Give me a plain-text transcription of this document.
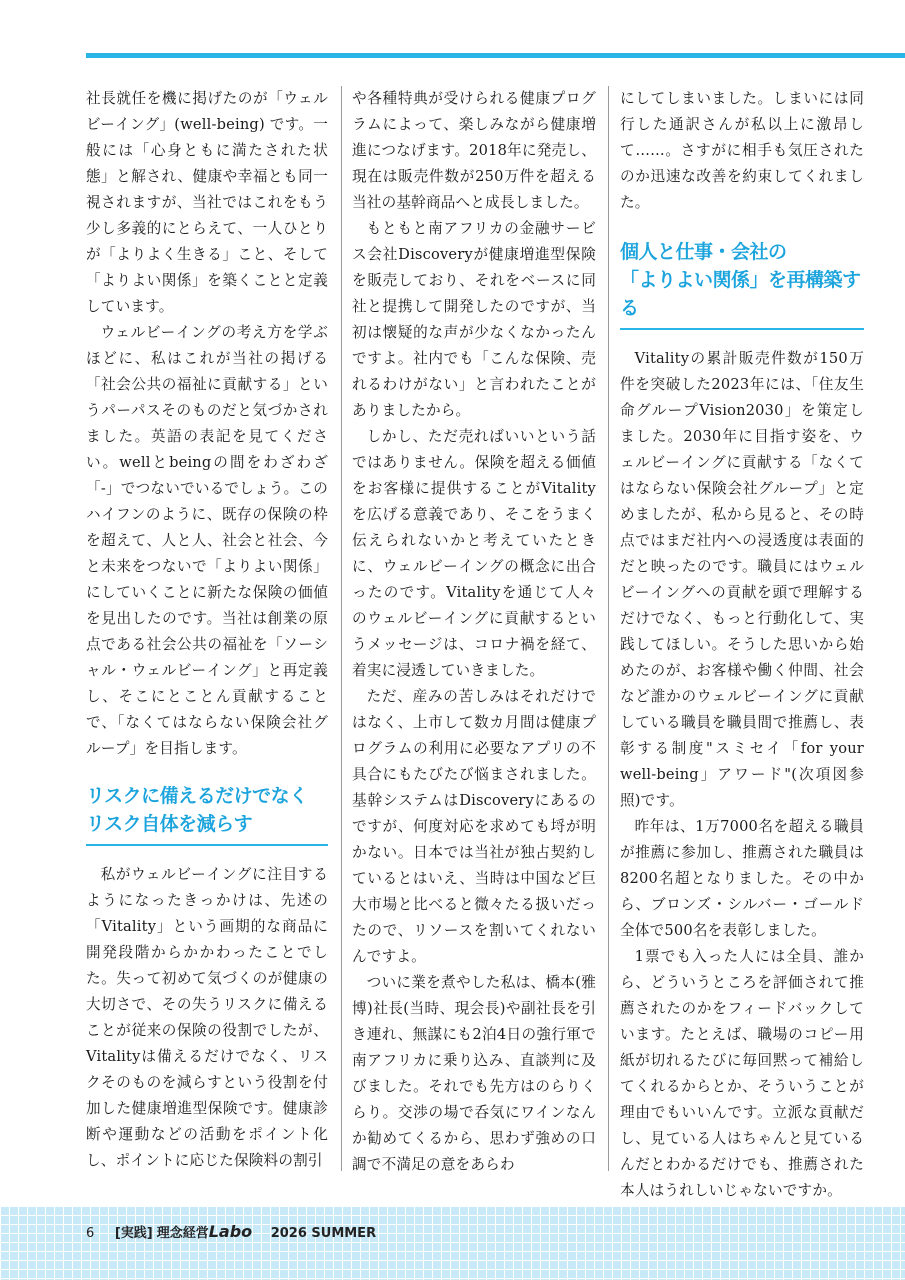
社長就任を機に掲げたのが「ウェルビーイング」(well-being) です。一般には「心身ともに満たされた状態」と解され、健康や幸福とも同一視されますが、当社ではこれをもう少し多義的にとらえて、一人ひとりが「よりよく生きる」こと、そして「よりよい関係」を築くことと定義しています。

ウェルビーイングの考え方を学ぶほどに、私はこれが当社の掲げる「社会公共の福祉に貢献する」というパーパスそのものだと気づかされました。英語の表記を見てください。wellとbeingの間をわざわざ「-」でつないでいるでしょう。このハイフンのように、既存の保険の枠を超えて、人と人、社会と社会、今と未来をつないで「よりよい関係」にしていくことに新たな保険の価値を見出したのです。当社は創業の原点である社会公共の福祉を「ソーシャル・ウェルビーイング」と再定義し、そこにとことん貢献することで、「なくてはならない保険会社グループ」を目指します。

リスクに備えるだけでなく
リスク自体を減らす

私がウェルビーイングに注目するようになったきっかけは、先述の「Vitality」という画期的な商品に開発段階からかかわったことでした。失って初めて気づくのが健康の大切さで、その失うリスクに備えることが従来の保険の役割でしたが、Vitalityは備えるだけでなく、リスクそのものを減らすという役割を付加した健康増進型保険です。健康診断や運動などの活動をポイント化し、ポイントに応じた保険料の割引

や各種特典が受けられる健康プログラムによって、楽しみながら健康増進につなげます。2018年に発売し、現在は販売件数が250万件を超える当社の基幹商品へと成長しました。

もともと南アフリカの金融サービス会社Discoveryが健康増進型保険を販売しており、それをベースに同社と提携して開発したのですが、当初は懐疑的な声が少なくなかったんですよ。社内でも「こんな保険、売れるわけがない」と言われたことがありましたから。

しかし、ただ売ればいいという話ではありません。保険を超える価値をお客様に提供することがVitalityを広げる意義であり、そこをうまく伝えられないかと考えていたときに、ウェルビーイングの概念に出合ったのです。Vitalityを通じて人々のウェルビーイングに貢献するというメッセージは、コロナ禍を経て、着実に浸透していきました。

ただ、産みの苦しみはそれだけではなく、上市して数カ月間は健康プログラムの利用に必要なアプリの不具合にもたびたび悩まされました。基幹システムはDiscoveryにあるのですが、何度対応を求めても埒が明かない。日本では当社が独占契約しているとはいえ、当時は中国など巨大市場と比べると微々たる扱いだったので、リソースを割いてくれないんですよ。

ついに業を煮やした私は、橋本(雅博)社長(当時、現会長)や副社長を引き連れ、無謀にも2泊4日の強行軍で南アフリカに乗り込み、直談判に及びました。それでも先方はのらりくらり。交渉の場で呑気にワインなんか勧めてくるから、思わず強めの口調で不満足の意をあらわ

にしてしまいました。しまいには同行した通訳さんが私以上に激昂して……。さすがに相手も気圧されたのか迅速な改善を約束してくれました。

個人と仕事・会社の
「よりよい関係」を再構築する

Vitalityの累計販売件数が150万件を突破した2023年には、「住友生命グループVision2030」を策定しました。2030年に目指す姿を、ウェルビーイングに貢献する「なくてはならない保険会社グループ」と定めましたが、私から見ると、その時点ではまだ社内への浸透度は表面的だと映ったのです。職員にはウェルビーイングへの貢献を頭で理解するだけでなく、もっと行動化して、実践してほしい。そうした思いから始めたのが、お客様や働く仲間、社会など誰かのウェルビーイングに貢献している職員を職員間で推薦し、表彰する制度"スミセイ「for your well-being」アワード"(次項図参照)です。

昨年は、1万7000名を超える職員が推薦に参加し、推薦された職員は8200名超となりました。その中から、ブロンズ・シルバー・ゴールド全体で500名を表彰しました。

1票でも入った人には全員、誰から、どういうところを評価されて推薦されたのかをフィードバックしています。たとえば、職場のコピー用紙が切れるたびに毎回黙って補給してくれるからとか、そういうことが理由でもいいんです。立派な貢献だし、見ている人はちゃんと見ているんだとわかるだけでも、推薦された本人はうれしいじゃないですか。

6 [実践] 理念経営Labo 2026 SUMMER
